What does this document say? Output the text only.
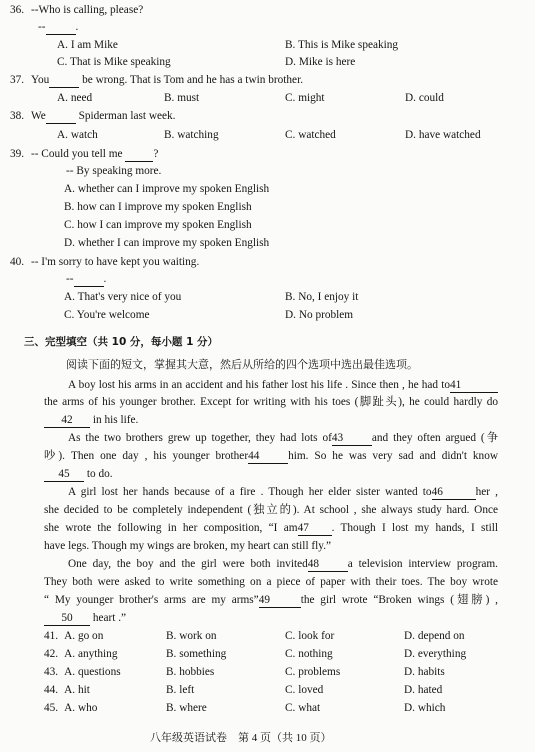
36. --Who is calling, please?
--	.
A. I am Mike	B. This is Mike speaking
C. That is Mike speaking	D. Mike is here
37. You	be wrong. That is Tom and he has a twin brother.
A. need	B. must	C. might	D. could
38. We	Spiderman last week.
A. watch	B. watching	C. watched	D. have watched
39. -- Could you tell me	?
-- By speaking more.
A. whether can I improve my spoken English
B. how can I improve my spoken English
C. how I can improve my spoken English
D. whether I can improve my spoken English
40. -- I'm sorry to have kept you waiting.
--	.
A. That's very nice of you	B. No, I enjoy it
C. You're welcome	D. No problem
三、完型填空（共 10 分，每小题 1 分）
阅读下面的短文，掌握其大意，然后从所给的四个选项中选出最佳选项。
A boy lost his arms in an accident and his father lost his life . Since then , he had to41
the arms of his younger brother. Except for writing with his toes (脚趾头), he could hardly do
42 in his life.
As the two brothers grew up together, they had lots of43	and they often argued (争
吵). Then one day , his younger brother44	him. So he was very sad and didn't know
45 to do.
A girl lost her hands because of a fire . Though her elder sister wanted to46	her ,
she decided to be completely independent (独立的). At school , she always study hard. Once
she wrote the following in her composition, “I am47 . Though I lost my hands, I still
have legs. Though my wings are broken, my heart can still fly.”
One day, the boy and the girl were both invited48	a television interview program.
They both were asked to write something on a piece of paper with their toes. The boy wrote
“ My younger brother's arms are my arms”49	the girl wrote “Broken wings (翅膀) ,
50 heart .”
41. A. go on	B. work on	C. look for	D. depend on
42. A. anything	B. something	C. nothing	D. everything
43. A. questions	B. hobbies	C. problems	D. habits
44. A. hit	B. left	C. loved	D. hated
45. A. who	B. where	C. what	D. which
八年级英语试卷    第 4 页（共 10 页）
